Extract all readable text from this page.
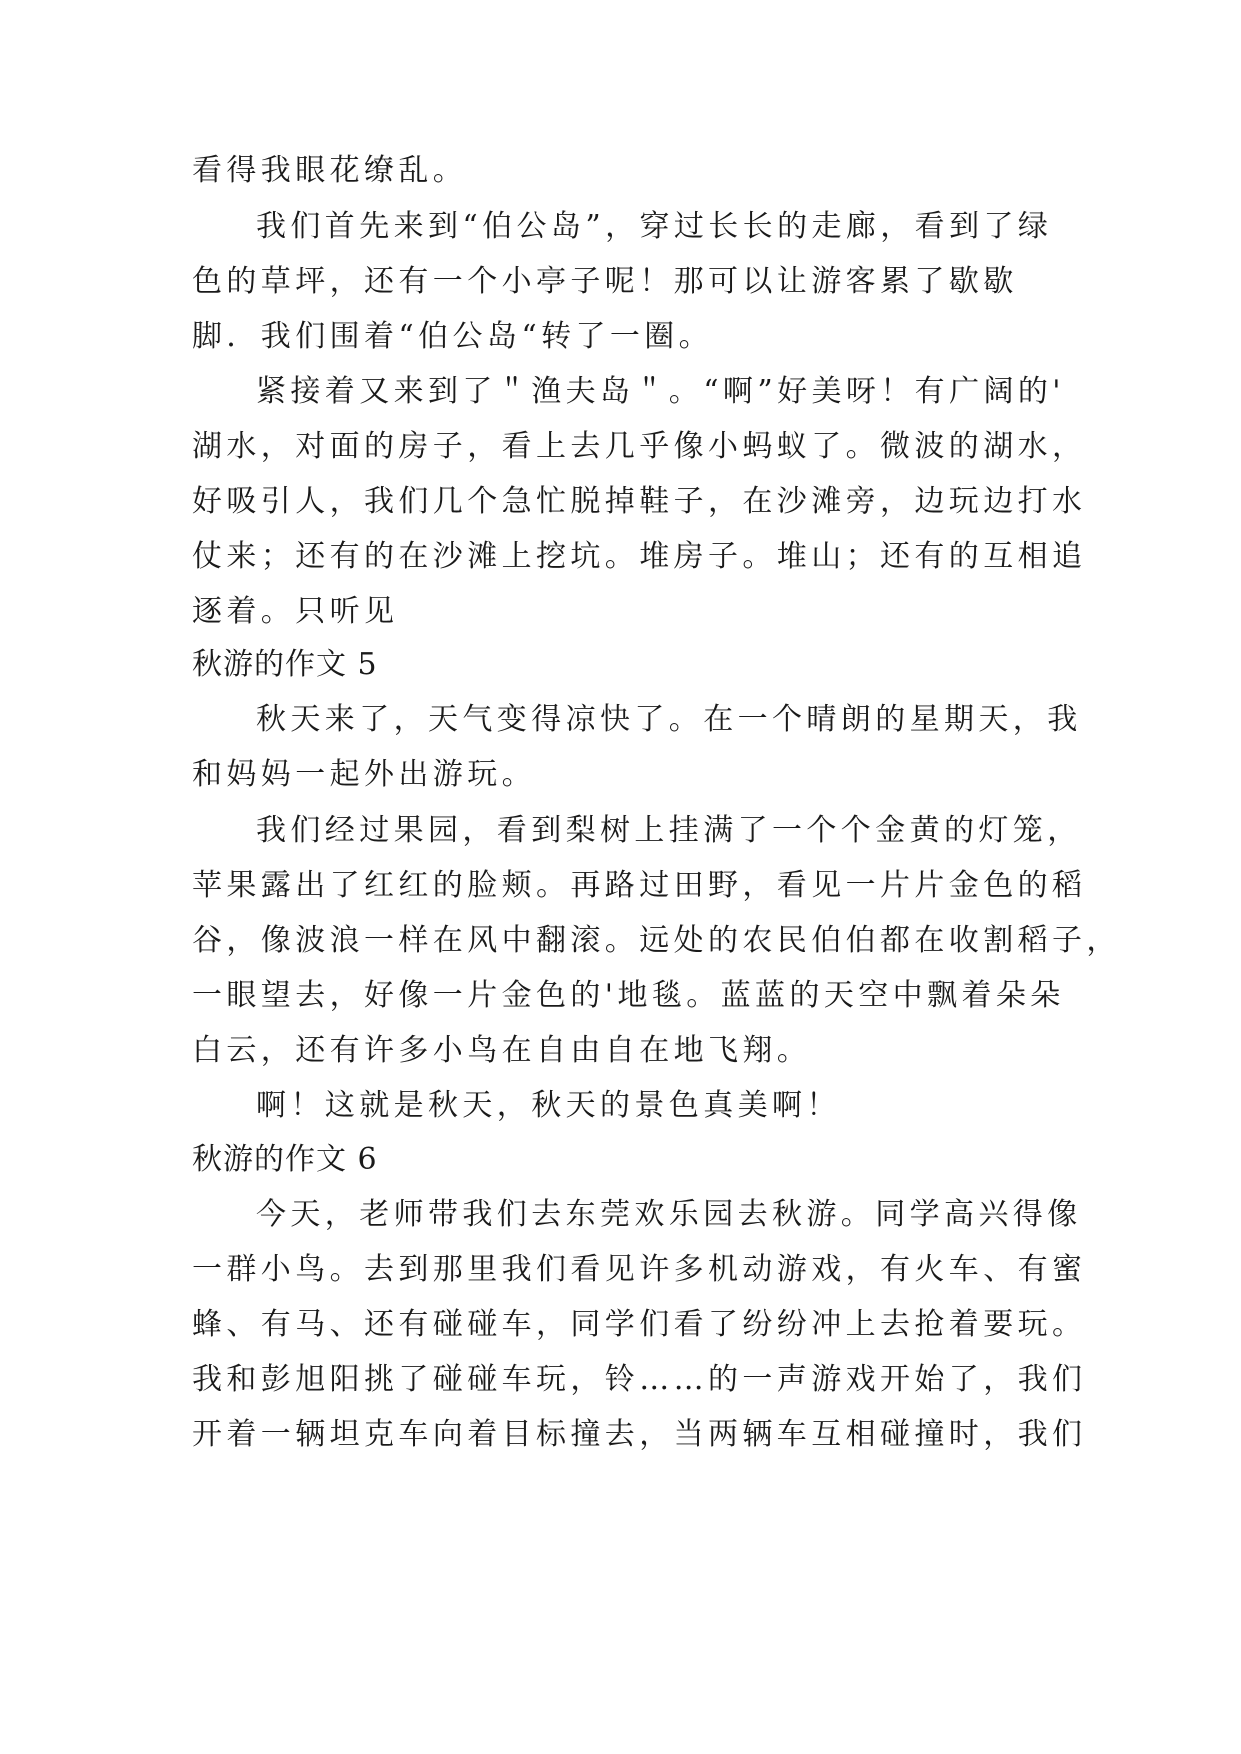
看得我眼花缭乱。
我们首先来到“伯公岛”，穿过长长的走廊，看到了绿
色的草坪，还有一个小亭子呢！那可以让游客累了歇歇
脚．我们围着“伯公岛“转了一圈。
紧接着又来到了＂渔夫岛＂。“啊”好美呀！有广阔的'
湖水，对面的房子，看上去几乎像小蚂蚁了。微波的湖水，
好吸引人，我们几个急忙脱掉鞋子，在沙滩旁，边玩边打水
仗来；还有的在沙滩上挖坑。堆房子。堆山；还有的互相追
逐着。只听见
秋游的作文 5
秋天来了，天气变得凉快了。在一个晴朗的星期天，我
和妈妈一起外出游玩。
我们经过果园，看到梨树上挂满了一个个金黄的灯笼，
苹果露出了红红的脸颊。再路过田野，看见一片片金色的稻
谷，像波浪一样在风中翻滚。远处的农民伯伯都在收割稻子，
一眼望去，好像一片金色的'地毯。蓝蓝的天空中飘着朵朵
白云，还有许多小鸟在自由自在地飞翔。
啊！这就是秋天，秋天的景色真美啊！
秋游的作文 6
今天，老师带我们去东莞欢乐园去秋游。同学高兴得像
一群小鸟。去到那里我们看见许多机动游戏，有火车、有蜜
蜂、有马、还有碰碰车，同学们看了纷纷冲上去抢着要玩。
我和彭旭阳挑了碰碰车玩，铃……的一声游戏开始了，我们
开着一辆坦克车向着目标撞去，当两辆车互相碰撞时，我们
